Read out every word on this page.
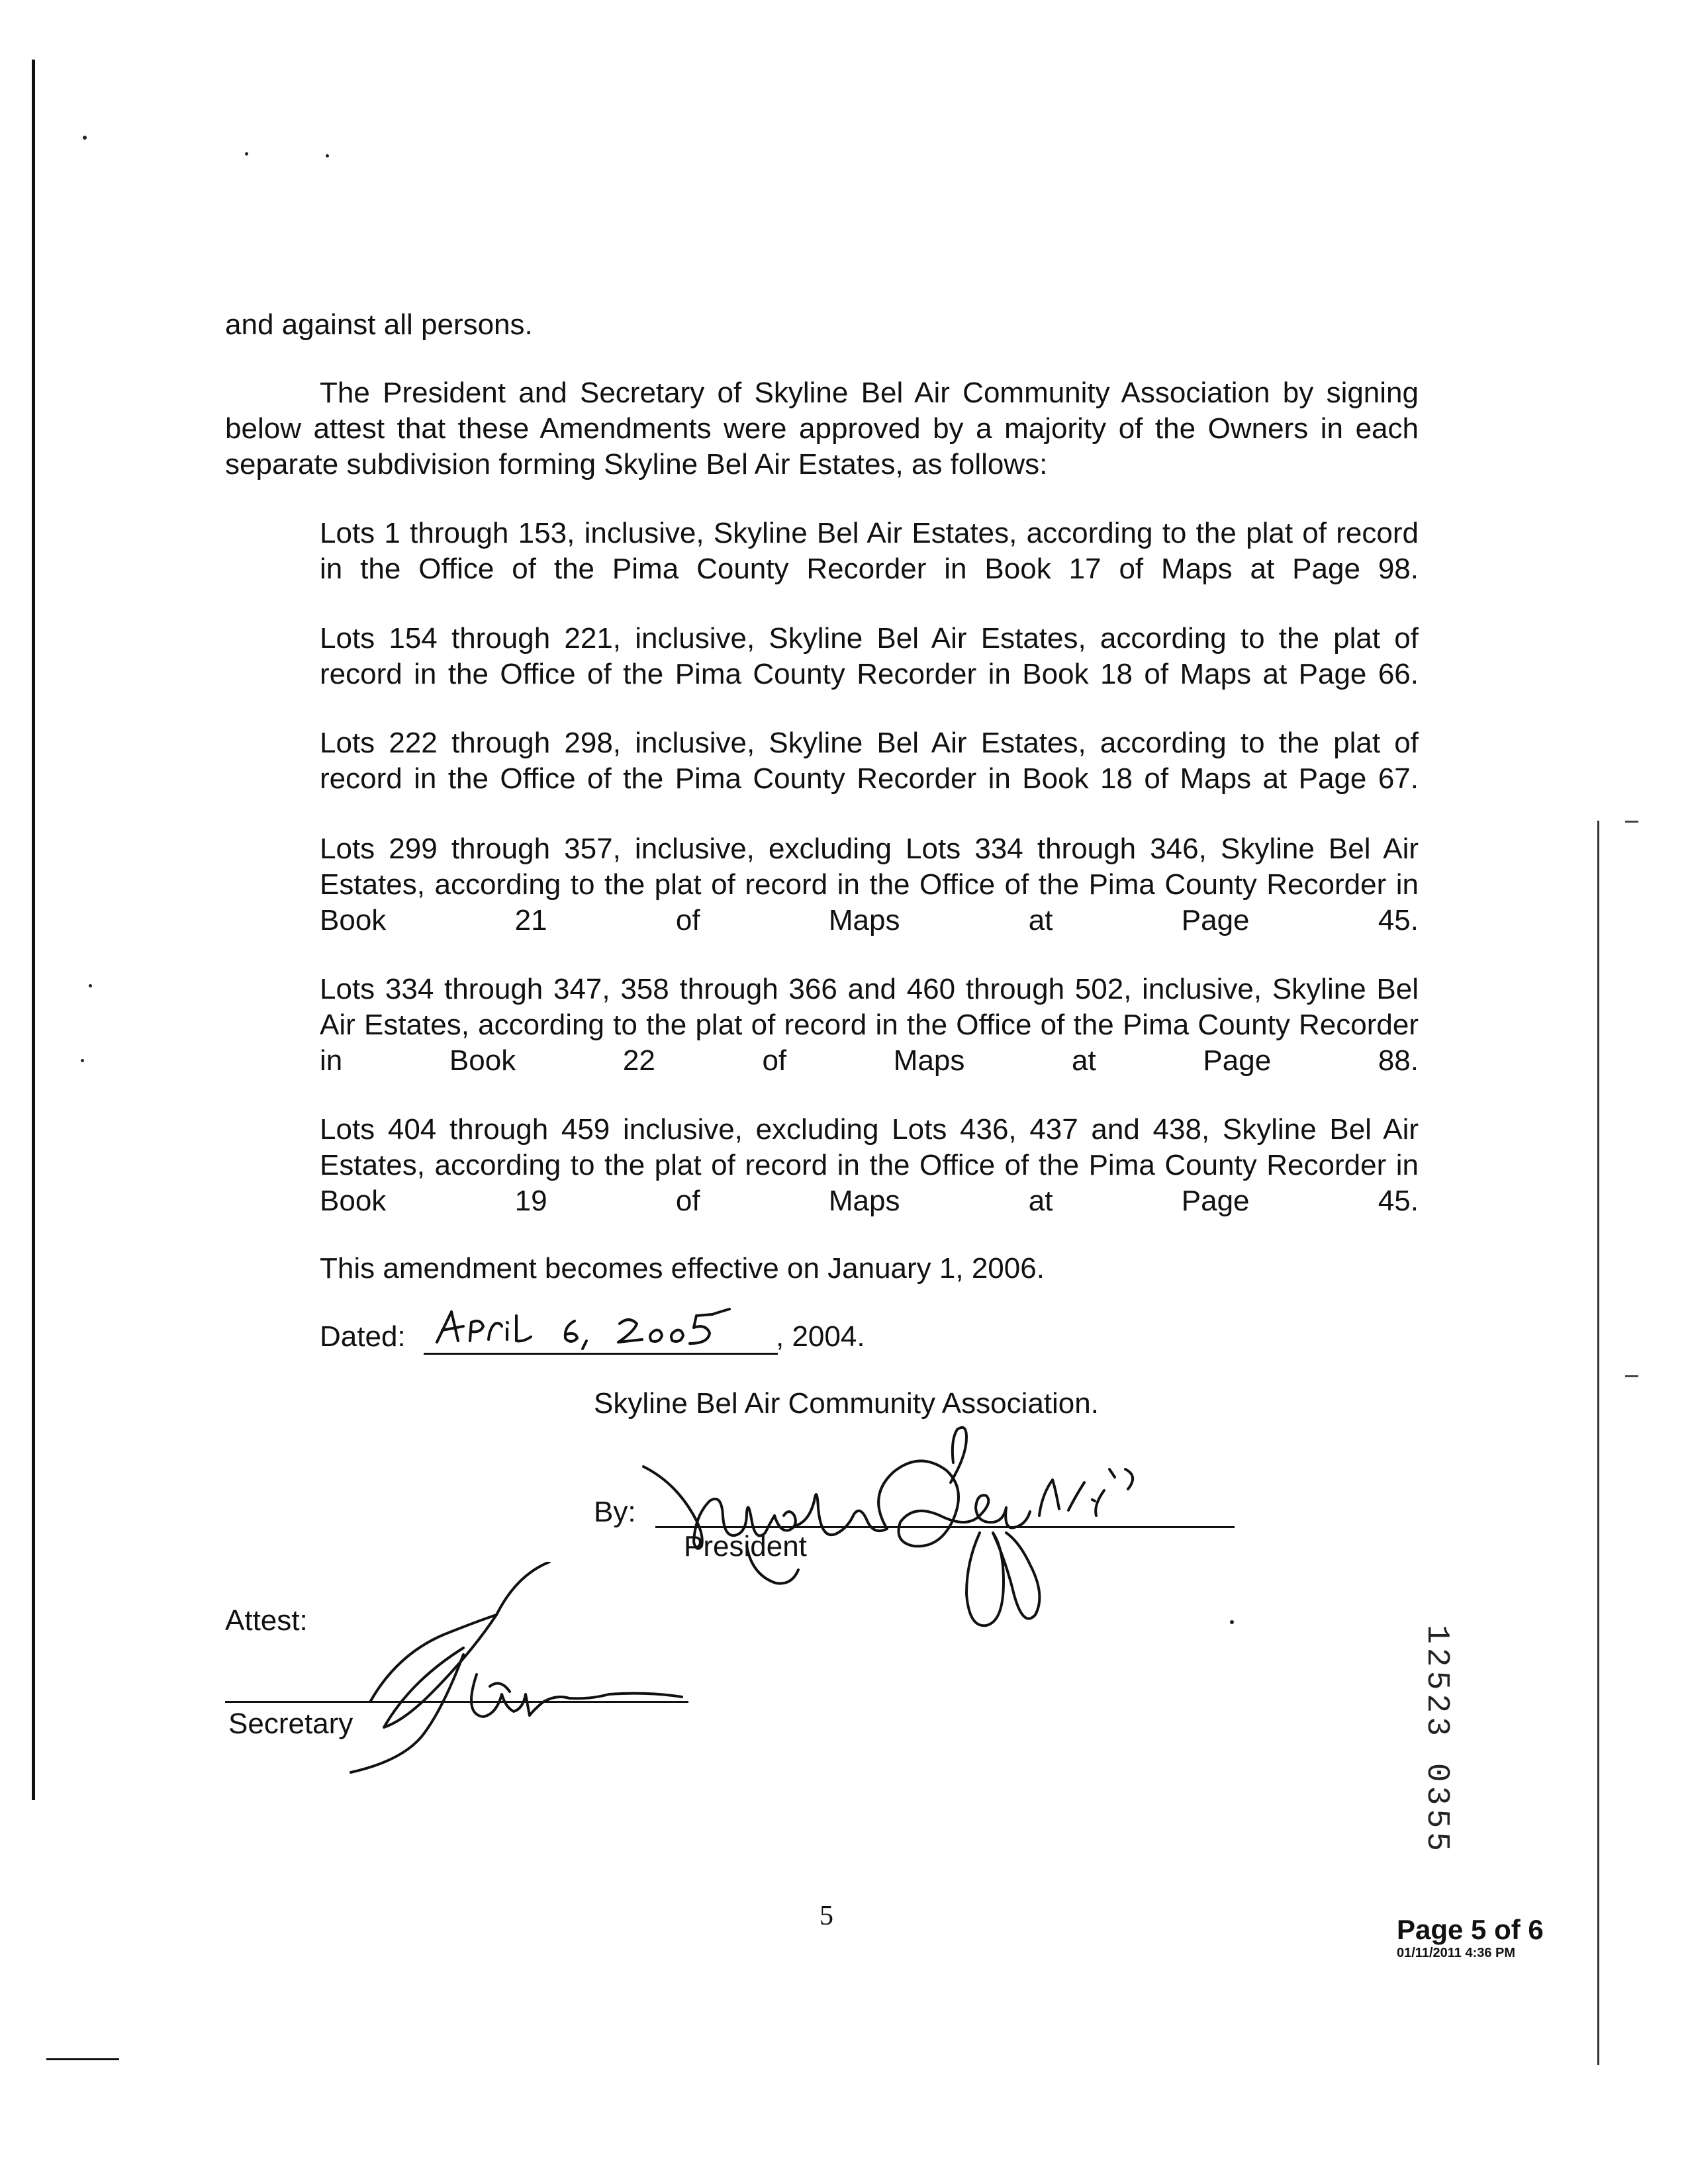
and against all persons.
The President and Secretary of Skyline Bel Air Community Association by signing below attest that these Amendments were approved by a majority of the Owners in each separate subdivision forming Skyline Bel Air Estates, as follows:
Lots 1 through 153, inclusive, Skyline Bel Air Estates, according to the plat of record in the Office of the Pima County Recorder in Book 17 of Maps at Page 98.
Lots 154 through 221, inclusive, Skyline Bel Air Estates, according to the plat of record in the Office of the Pima County Recorder in Book 18 of Maps at Page 66.
Lots 222 through 298, inclusive, Skyline Bel Air Estates, according to the plat of record in the Office of the Pima County Recorder in Book 18 of Maps at Page 67.
Lots 299 through 357, inclusive, excluding Lots 334 through 346, Skyline Bel Air Estates, according to the plat of record in the Office of the Pima County Recorder in Book 21 of Maps at Page 45.
Lots 334 through 347, 358 through 366 and 460 through 502, inclusive, Skyline Bel Air Estates, according to the plat of record in the Office of the Pima County Recorder in Book 22 of Maps at Page 88.
Lots 404 through 459 inclusive, excluding Lots 436, 437 and 438, Skyline Bel Air Estates, according to the plat of record in the Office of the Pima County Recorder in Book 19 of Maps at Page 45.
This amendment becomes effective on January 1, 2006.
Dated:	, 2004.
Skyline Bel Air Community Association.
By:
President
Attest:
Secretary
5	Page 5 of 6
01/11/2011 4:36 PM
12523 0355
